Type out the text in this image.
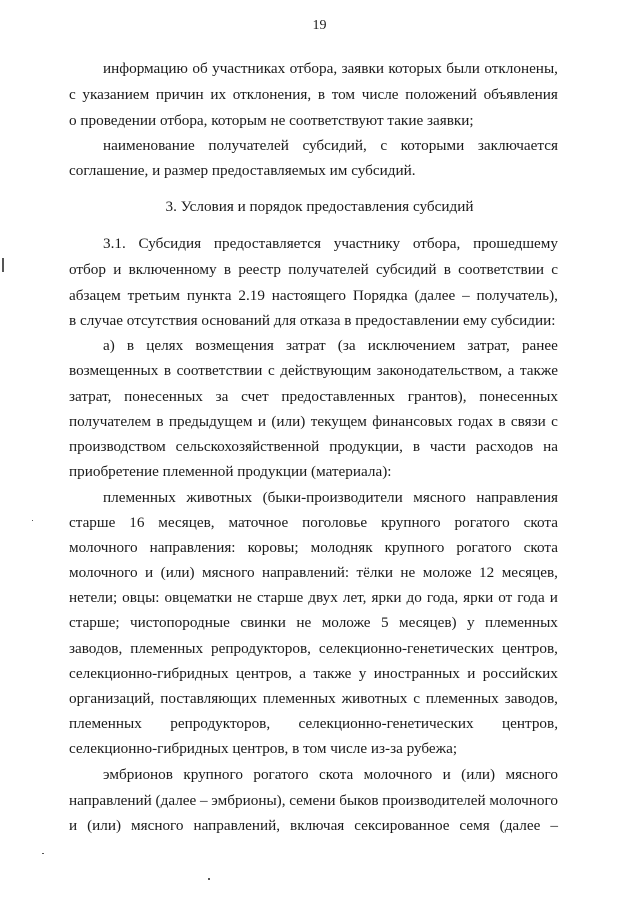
19
информацию об участниках отбора, заявки которых были отклонены,
с указанием причин их отклонения, в том числе положений объявления
о проведении отбора, которым не соответствуют такие заявки;
наименование получателей субсидий, с которыми заключается
соглашение, и размер предоставляемых им субсидий.
3. Условия и порядок предоставления субсидий
3.1. Субсидия предоставляется участнику отбора, прошедшему
отбор и включенному в реестр получателей субсидий в соответствии с
абзацем третьим пункта 2.19 настоящего Порядка (далее – получатель),
в случае отсутствия оснований для отказа в предоставлении ему субсидии:
а) в целях возмещения затрат (за исключением затрат, ранее
возмещенных в соответствии с действующим законодательством, а также
затрат, понесенных за счет предоставленных грантов), понесенных
получателем в предыдущем и (или) текущем финансовых годах в связи с
производством сельскохозяйственной продукции, в части расходов на
приобретение племенной продукции (материала):
племенных животных (быки-производители мясного направления
старше 16 месяцев, маточное поголовье крупного рогатого скота
молочного направления: коровы; молодняк крупного рогатого скота
молочного и (или) мясного направлений: тёлки не моложе 12 месяцев,
нетели; овцы: овцематки не старше двух лет, ярки до года, ярки от года и
старше; чистопородные свинки не моложе 5 месяцев) у племенных
заводов, племенных репродукторов, селекционно-генетических центров,
селекционно-гибридных центров, а также у иностранных и российских
организаций, поставляющих племенных животных с племенных заводов,
племенных репродукторов, селекционно-генетических центров,
селекционно-гибридных центров, в том числе из-за рубежа;
эмбрионов крупного рогатого скота молочного и (или) мясного
направлений (далее – эмбрионы), семени быков производителей молочного
и (или) мясного направлений, включая сексированное семя (далее –
